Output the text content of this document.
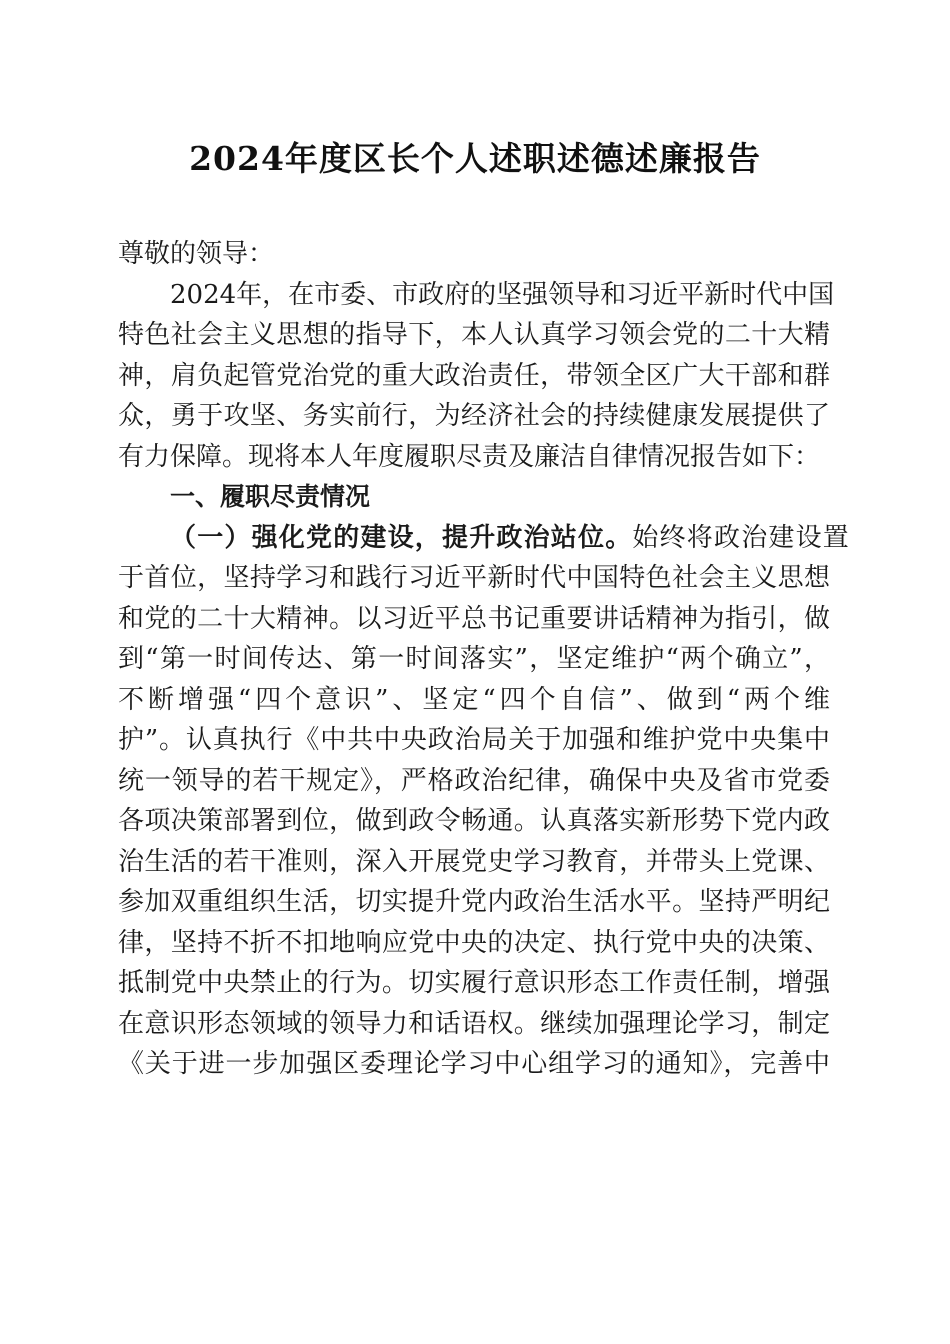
2024年度区长个人述职述德述廉报告
尊敬的领导：
2024年，在市委、市政府的坚强领导和习近平新时代中国
特色社会主义思想的指导下，本人认真学习领会党的二十大精
神，肩负起管党治党的重大政治责任，带领全区广大干部和群
众，勇于攻坚、务实前行，为经济社会的持续健康发展提供了
有力保障。现将本人年度履职尽责及廉洁自律情况报告如下：
一、履职尽责情况
（一）强化党的建设，提升政治站位。始终将政治建设置
于首位，坚持学习和践行习近平新时代中国特色社会主义思想
和党的二十大精神。以习近平总书记重要讲话精神为指引，做
到“第一时间传达、第一时间落实”，坚定维护“两个确立”，
不断增强“四个意识”、坚定“四个自信”、做到“两个维
护”。认真执行《中共中央政治局关于加强和维护党中央集中
统一领导的若干规定》，严格政治纪律，确保中央及省市党委
各项决策部署到位，做到政令畅通。认真落实新形势下党内政
治生活的若干准则，深入开展党史学习教育，并带头上党课、
参加双重组织生活，切实提升党内政治生活水平。坚持严明纪
律，坚持不折不扣地响应党中央的决定、执行党中央的决策、
抵制党中央禁止的行为。切实履行意识形态工作责任制，增强
在意识形态领域的领导力和话语权。继续加强理论学习，制定
《关于进一步加强区委理论学习中心组学习的通知》，完善中
